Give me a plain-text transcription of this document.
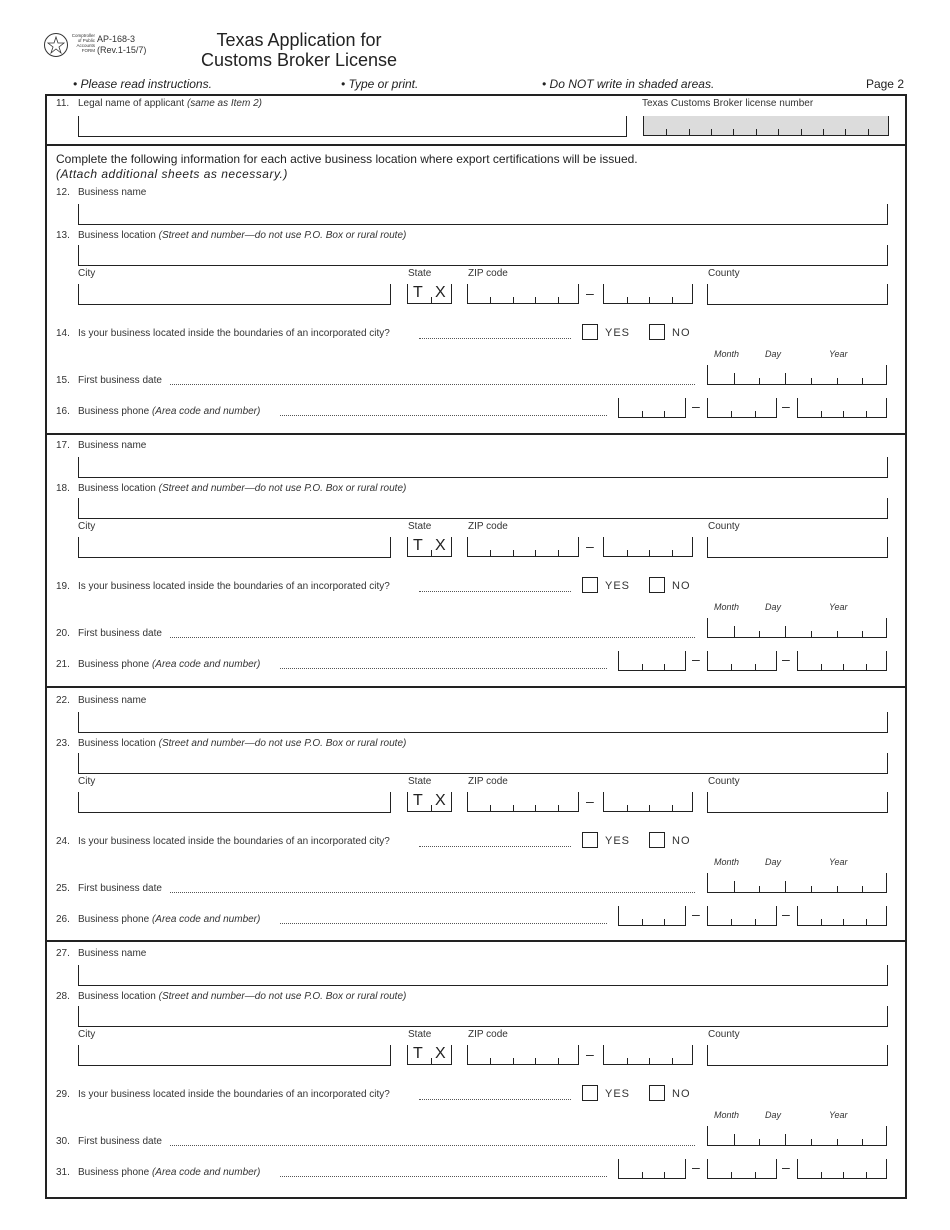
Comptroller
of Public
Accounts
FORM
AP-168-3
(Rev.1-15/7)	Texas Application for
Customs Broker License
• Please read instructions.	• Type or print.	• Do NOT write in shaded areas.	Page 2
11. Legal name of applicant (same as Item 2)	Texas Customs Broker license number
Complete the following information for each active business location where export certifications will be issued.
(Attach additional sheets as necessary.)
12. Business name
13. Business location (Street and number—do not use P.O. Box or rural route)
City	State
T X
ZIP code
–
County
14. Is your business located inside the boundaries of an incorporated city?	YES	NO
Month	Day	Year
15. First business date
16. Business phone (Area code and number)	–	–
17. Business name
18. Business location (Street and number—do not use P.O. Box or rural route)
City	State
T X
ZIP code
–
County
19. Is your business located inside the boundaries of an incorporated city?	YES	NO
Month	Day	Year
20. First business date
21. Business phone (Area code and number)	–	–
22. Business name
23. Business location (Street and number—do not use P.O. Box or rural route)
City	State
T X
ZIP code
–
County
24. Is your business located inside the boundaries of an incorporated city?	YES	NO
Month	Day	Year
25. First business date
26. Business phone (Area code and number)	–	–
27. Business name
28. Business location (Street and number—do not use P.O. Box or rural route)
City	State
T X
ZIP code
–
County
29. Is your business located inside the boundaries of an incorporated city?	YES	NO
Month	Day	Year
30. First business date
31. Business phone (Area code and number)	–	–
